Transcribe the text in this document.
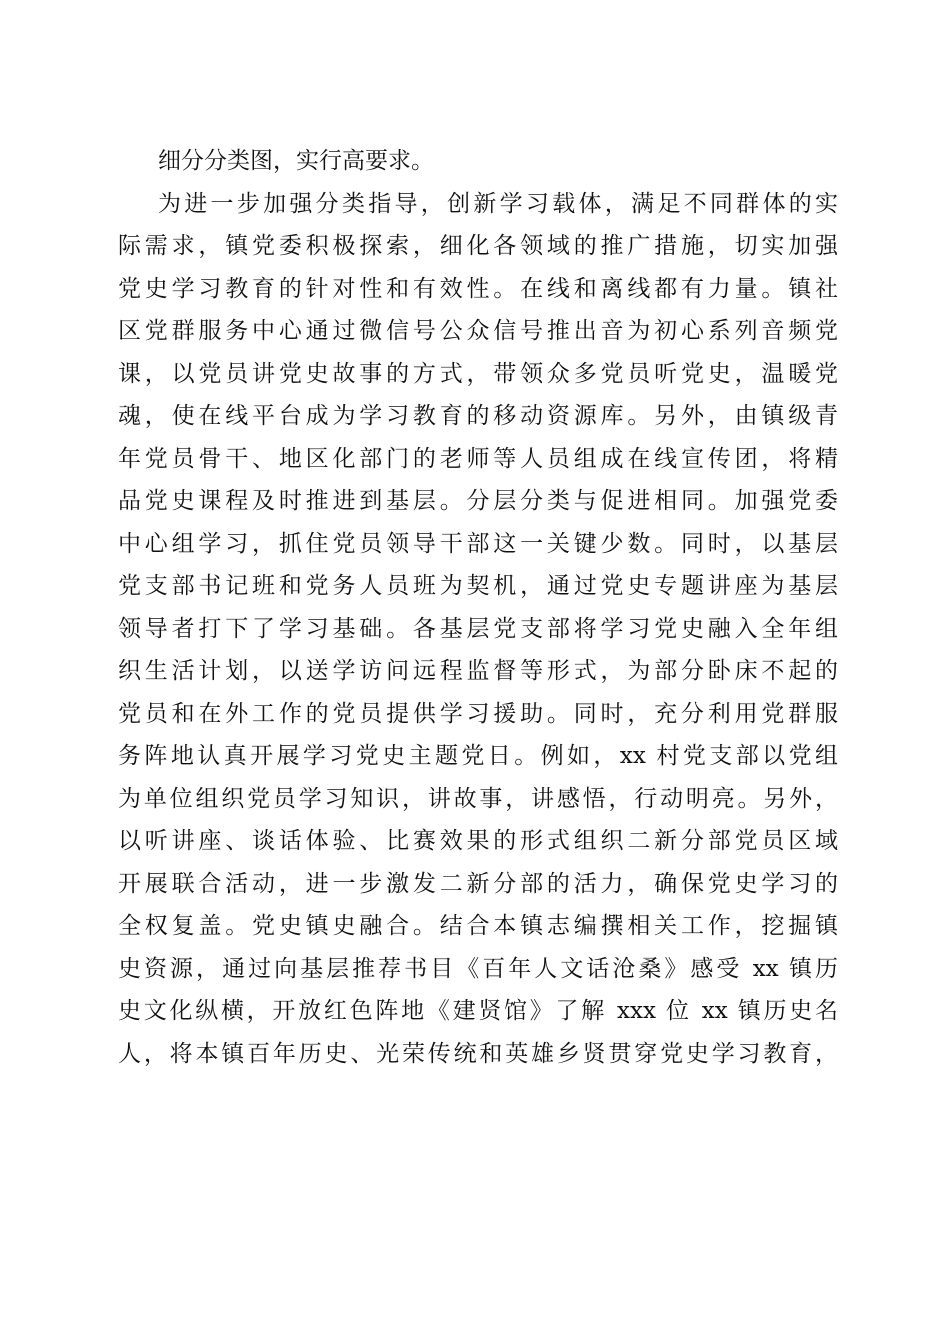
细分分类图，实行高要求。
为进一步加强分类指导，创新学习载体，满足不同群体的实
际需求，镇党委积极探索，细化各领域的推广措施，切实加强
党史学习教育的针对性和有效性。在线和离线都有力量。镇社
区党群服务中心通过微信号公众信号推出音为初心系列音频党
课，以党员讲党史故事的方式，带领众多党员听党史，温暖党
魂，使在线平台成为学习教育的移动资源库。另外，由镇级青
年党员骨干、地区化部门的老师等人员组成在线宣传团，将精
品党史课程及时推进到基层。分层分类与促进相同。加强党委
中心组学习，抓住党员领导干部这一关键少数。同时，以基层
党支部书记班和党务人员班为契机，通过党史专题讲座为基层
领导者打下了学习基础。各基层党支部将学习党史融入全年组
织生活计划，以送学访问远程监督等形式，为部分卧床不起的
党员和在外工作的党员提供学习援助。同时，充分利用党群服
务阵地认真开展学习党史主题党日。例如，xx 村党支部以党组
为单位组织党员学习知识，讲故事，讲感悟，行动明亮。另外，
以听讲座、谈话体验、比赛效果的形式组织二新分部党员区域
开展联合活动，进一步激发二新分部的活力，确保党史学习的
全权复盖。党史镇史融合。结合本镇志编撰相关工作，挖掘镇
史资源，通过向基层推荐书目《百年人文话沧桑》感受 xx 镇历
史文化纵横，开放红色阵地《建贤馆》了解 xxx 位 xx 镇历史名
人，将本镇百年历史、光荣传统和英雄乡贤贯穿党史学习教育，
